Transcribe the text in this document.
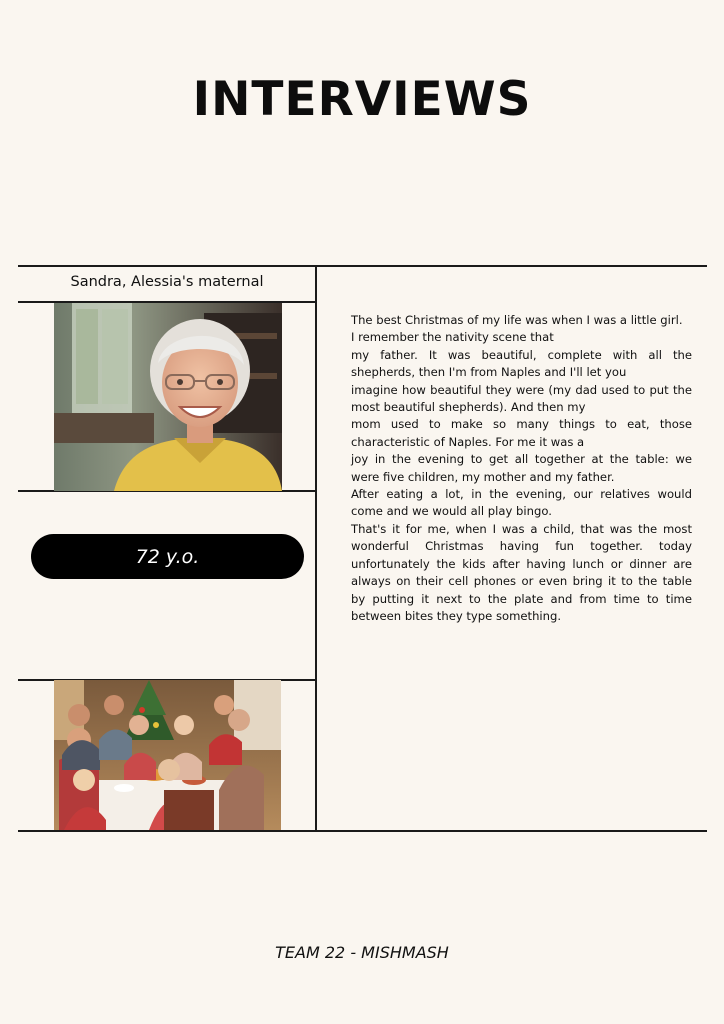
INTERVIEWS
Sandra, Alessia's maternal
72 y.o.

The best Christmas of my life was when I was a little girl.

I remember the nativity scene that

my father. It was beautiful, complete with all the

shepherds, then I'm from Naples and I'll let you

imagine how beautiful they were (my dad used to put the

most beautiful shepherds). And then my

mom used to make so many things to eat, those

characteristic of Naples. For me it was a

joy in the evening to get all together at the table: we

were five children, my mother and my father.

After eating a lot, in the evening, our relatives would

come and we would all play bingo.

That's it for me, when I was a child, that was the most

wonderful Christmas having fun together. today

unfortunately the kids after having lunch or dinner are

always on their cell phones or even bring it to the table

by putting it next to the plate and from time to time

between bites they type something.

TEAM 22 - MISHMASH
